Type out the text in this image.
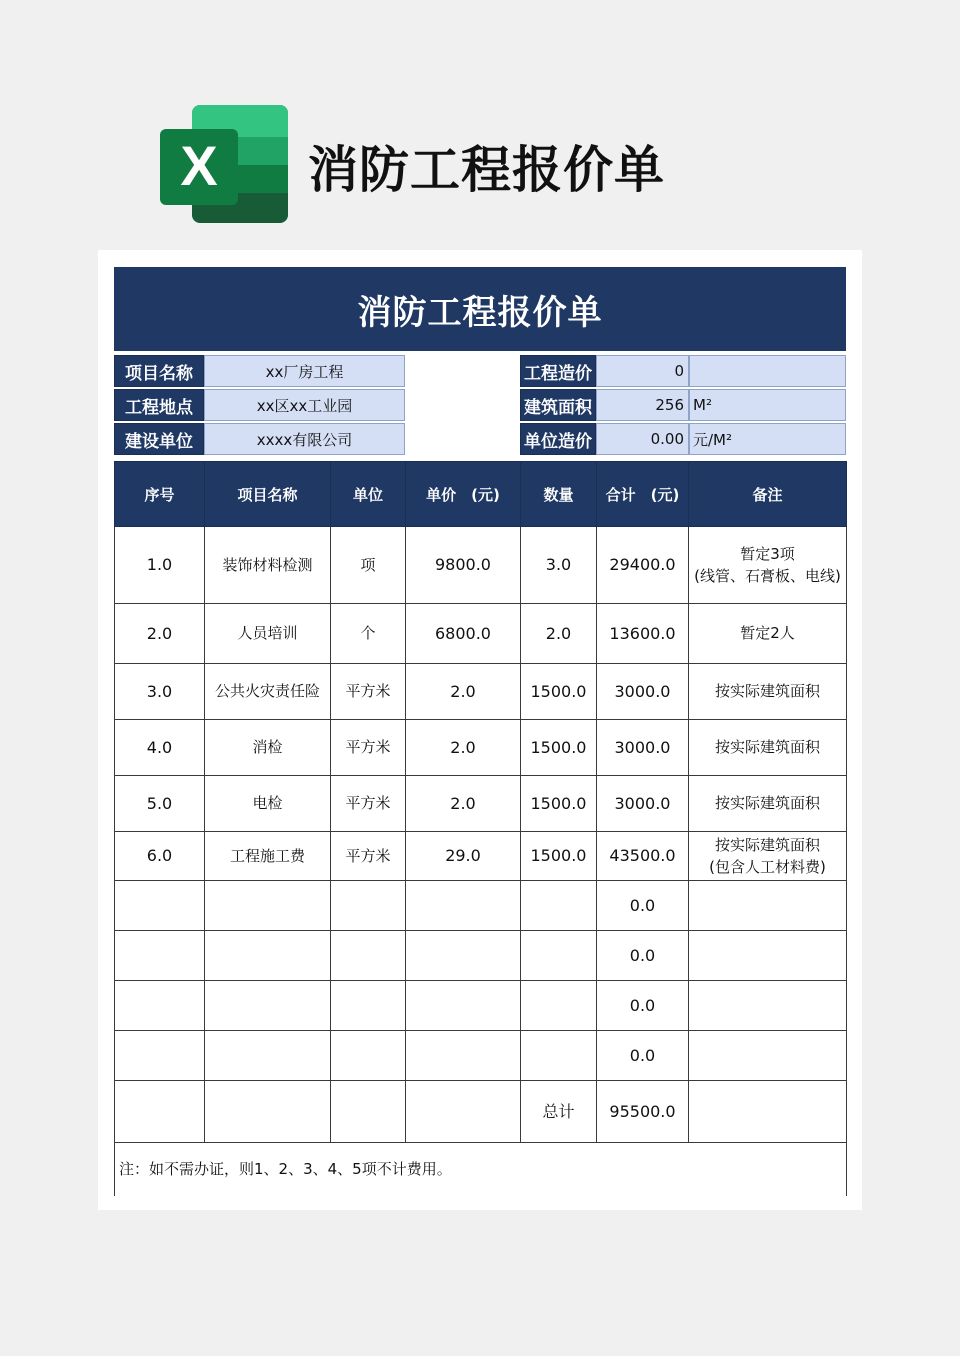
X 消防工程报价单
消防工程报价单
项目名称	xx厂房工程
工程地点	xx区xx工业园
建设单位	xxxx有限公司
工程造价	0
建筑面积	256 M²
单位造价	0.00 元/M²
序号	项目名称	单位	单价　(元)	数量	合计　(元)	备注
1.0	装饰材料检测	项	9800.0	3.0	29400.0	暂定3项
(线管、石膏板、电线)
2.0	人员培训	个	6800.0	2.0	13600.0	暂定2人
3.0	公共火灾责任险	平方米	2.0	1500.0	3000.0	按实际建筑面积
4.0	消检	平方米	2.0	1500.0	3000.0	按实际建筑面积
5.0	电检	平方米	2.0	1500.0	3000.0	按实际建筑面积
6.0	工程施工费	平方米	29.0	1500.0	43500.0	按实际建筑面积
(包含人工材料费)
					0.0	
					0.0	
					0.0	
					0.0	
				总计	95500.0	
注：如不需办证，则1、2、3、4、5项不计费用。						
